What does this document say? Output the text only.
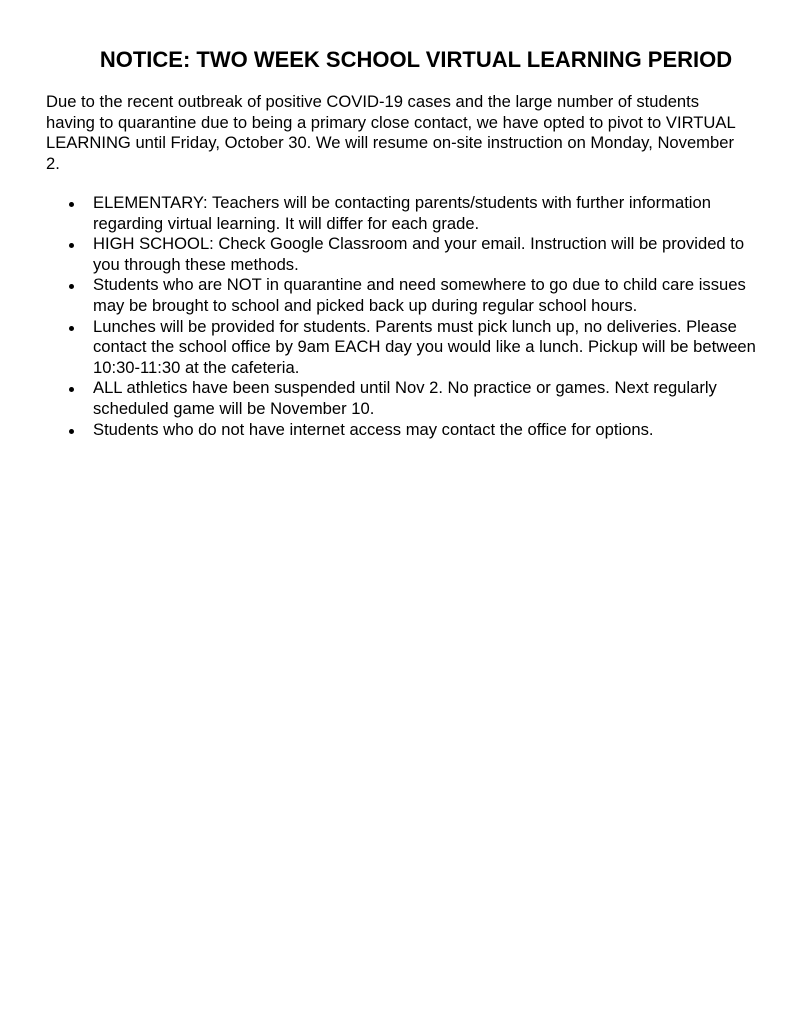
NOTICE: TWO WEEK SCHOOL VIRTUAL LEARNING PERIOD
Due to the recent outbreak of positive COVID-19 cases and the large number of students having to quarantine due to being a primary close contact, we have opted to pivot to VIRTUAL LEARNING until Friday, October 30. We will resume on-site instruction on Monday, November 2.
ELEMENTARY: Teachers will be contacting parents/students with further information regarding virtual learning. It will differ for each grade.
HIGH SCHOOL: Check Google Classroom and your email. Instruction will be provided to you through these methods.
Students who are NOT in quarantine and need somewhere to go due to child care issues may be brought to school and picked back up during regular school hours.
Lunches will be provided for students. Parents must pick lunch up, no deliveries. Please contact the school office by 9am EACH day you would like a lunch. Pickup will be between 10:30-11:30 at the cafeteria.
ALL athletics have been suspended until Nov 2. No practice or games. Next regularly scheduled game will be November 10.
Students who do not have internet access may contact the office for options.
